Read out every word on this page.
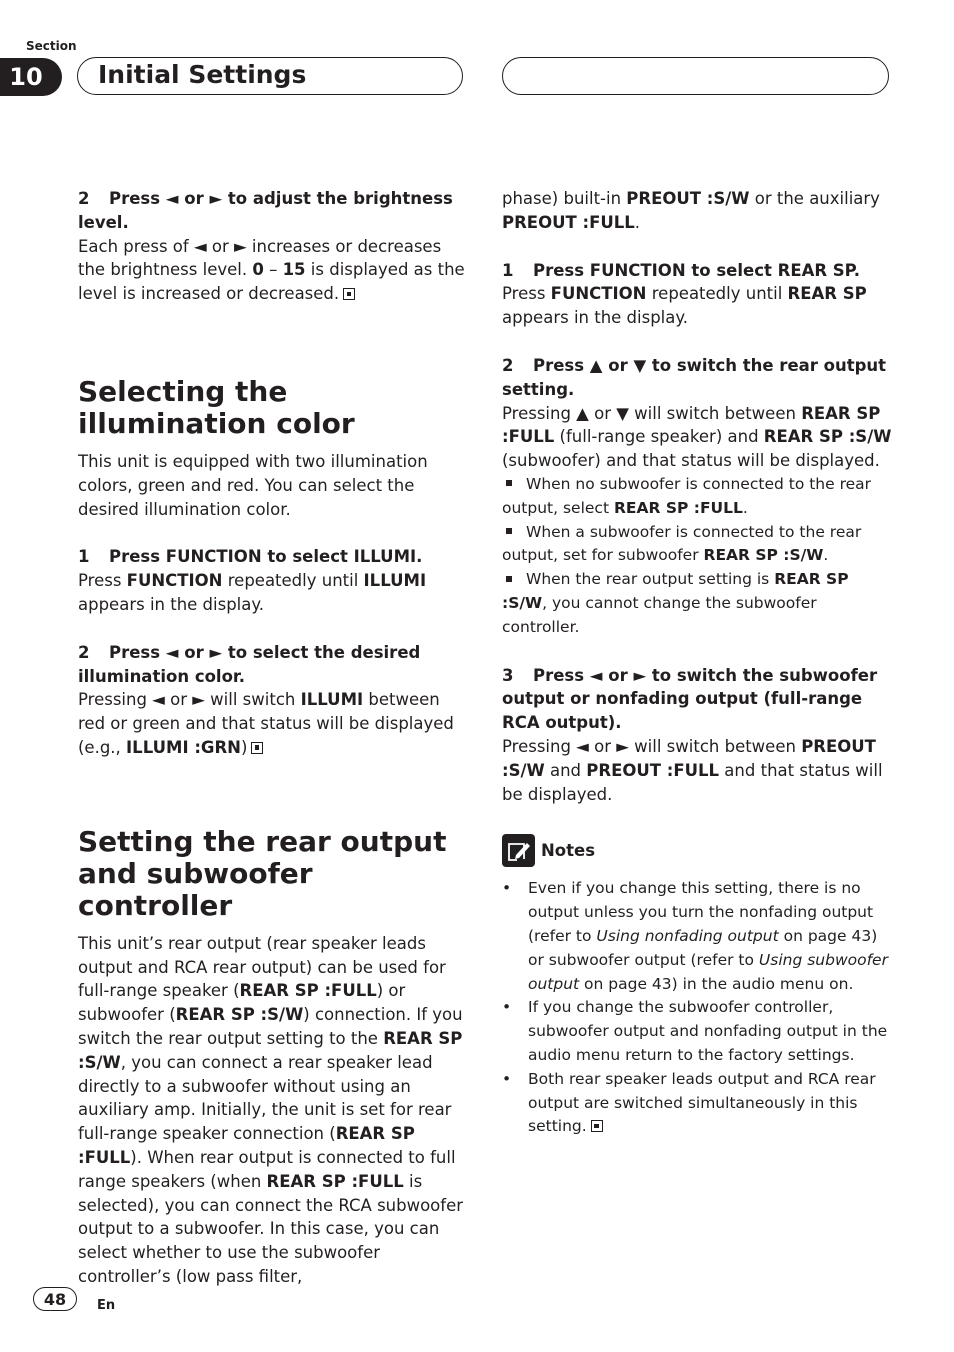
Section
10	Initial Settings

2 Press ◄ or ► to adjust the brightness level.

Each press of ◄ or ► increases or decreases the brightness level. 0 – 15 is displayed as the level is increased or decreased.

Selecting the illumination color

This unit is equipped with two illumination colors, green and red. You can select the desired illumination color.

1 Press FUNCTION to select ILLUMI.

Press FUNCTION repeatedly until ILLUMI appears in the display.

2 Press ◄ or ► to select the desired illumination color.

Pressing ◄ or ► will switch ILLUMI between red or green and that status will be displayed (e.g., ILLUMI :GRN)

Setting the rear output and subwoofer controller

This unit’s rear output (rear speaker leads output and RCA rear output) can be used for full-range speaker (REAR SP :FULL) or subwoofer (REAR SP :S/W) connection. If you switch the rear output setting to the REAR SP :S/W, you can connect a rear speaker lead directly to a subwoofer without using an auxiliary amp. Initially, the unit is set for rear full-range speaker connection (REAR SP :FULL). When rear output is connected to full range speakers (when REAR SP :FULL is selected), you can connect the RCA subwoofer output to a subwoofer. In this case, you can select whether to use the subwoofer controller’s (low pass filter,

phase) built-in PREOUT :S/W or the auxiliary PREOUT :FULL.

1 Press FUNCTION to select REAR SP.

Press FUNCTION repeatedly until REAR SP appears in the display.

2 Press ▲ or ▼ to switch the rear output setting.

Pressing ▲ or ▼ will switch between REAR SP :FULL (full-range speaker) and REAR SP :S/W (subwoofer) and that status will be displayed.

When no subwoofer is connected to the rear output, select REAR SP :FULL.

When a subwoofer is connected to the rear output, set for subwoofer REAR SP :S/W.

When the rear output setting is REAR SP :S/W, you cannot change the subwoofer controller.

3 Press ◄ or ► to switch the subwoofer output or nonfading output (full-range RCA output).

Pressing ◄ or ► will switch between PREOUT :S/W and PREOUT :FULL and that status will be displayed.

Notes
• Even if you change this setting, there is no output unless you turn the nonfading output (refer to Using nonfading output on page 43) or subwoofer output (refer to Using subwoofer output on page 43) in the audio menu on.
• If you change the subwoofer controller, subwoofer output and nonfading output in the audio menu return to the factory settings.
• Both rear speaker leads output and RCA rear output are switched simultaneously in this setting.
48	En
